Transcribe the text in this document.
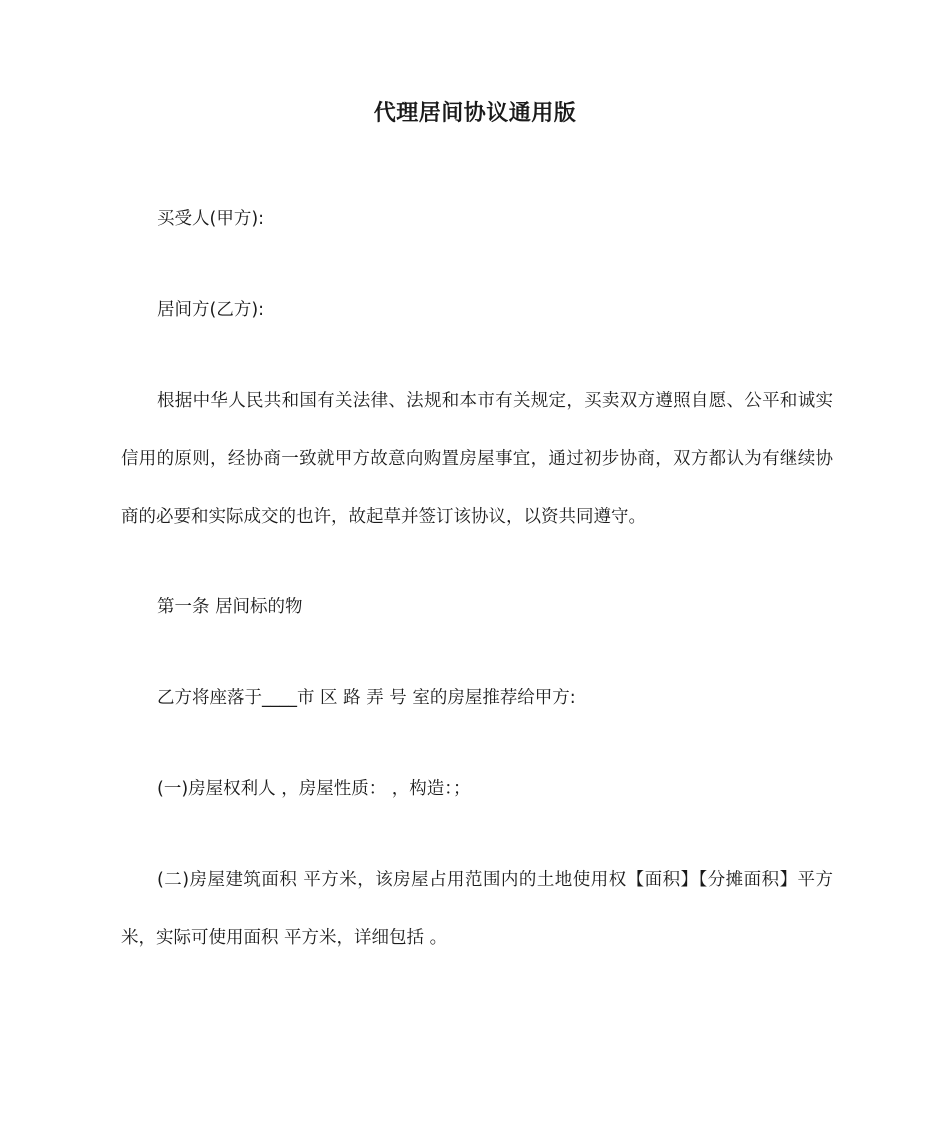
代理居间协议通用版

买受人(甲方):

居间方(乙方):

根据中华人民共和国有关法律、法规和本市有关规定，买卖双方遵照自愿、公平和诚实信用的原则，经协商一致就甲方故意向购置房屋事宜，通过初步协商，双方都认为有继续协商的必要和实际成交的也许，故起草并签订该协议，以资共同遵守。

第一条 居间标的物

乙方将座落于____市 区 路 弄 号 室的房屋推荐给甲方:

(一)房屋权利人 ，房屋性质： ，构造：；

(二)房屋建筑面积 平方米，该房屋占用范围内的土地使用权【面积】【分摊面积】平方米，实际可使用面积 平方米，详细包括 。
